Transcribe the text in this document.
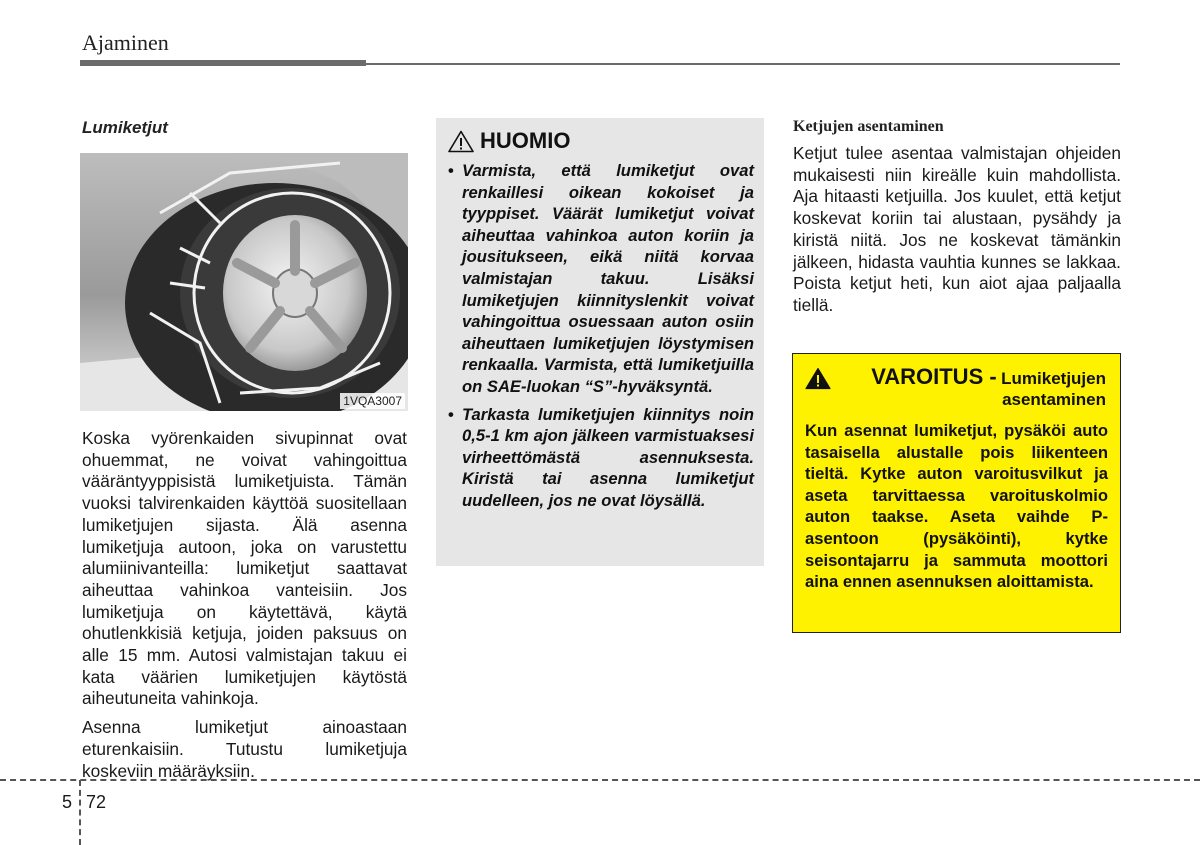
Ajaminen
Lumiketjut
1VQA3007

Koska vyörenkaiden sivupinnat ovat ohuemmat, ne voivat vahingoittua vääräntyyppisistä lumiketjuista. Tämän vuoksi talvirenkaiden käyttöä suositellaan lumiketjujen sijasta. Älä asenna lumiketjuja autoon, joka on varustettu alumiinivanteilla: lumiketjut saattavat aiheuttaa vahinkoa vanteisiin. Jos lumiketjuja on käytettävä, käytä ohutlenkkisiä ketjuja, joiden paksuus on alle 15 mm. Autosi valmistajan takuu ei kata väärien lumiketjujen käytöstä aiheutuneita vahinkoja.

Asenna lumiketjut ainoastaan eturenkaisiin. Tutustu lumiketjuja koskeviin määräyksiin.

HUOMIO
• Varmista, että lumiketjut ovat renkaillesi oikean kokoiset ja tyyppiset. Väärät lumiketjut voivat aiheuttaa vahinkoa auton koriin ja jousitukseen, eikä niitä korvaa valmistajan takuu. Lisäksi lumiketjujen kiinnityslenkit voivat vahingoittua osuessaan auton osiin aiheuttaen lumiketjujen löystymisen renkaalla. Varmista, että lumiketjuilla on SAE-luokan “S”-hyväksyntä.
• Tarkasta lumiketjujen kiinnitys noin 0,5-1 km ajon jälkeen varmistuaksesi virheettömästä asennuksesta. Kiristä tai asenna lumiketjut uudelleen, jos ne ovat löysällä.
Ketjujen asentaminen

Ketjut tulee asentaa valmistajan ohjeiden mukaisesti niin kireälle kuin mahdollista. Aja hitaasti ketjuilla. Jos kuulet, että ketjut koskevat koriin tai alustaan, pysähdy ja kiristä niitä. Jos ne koskevat tämänkin jälkeen, hidasta vauhtia kunnes se lakkaa. Poista ketjut heti, kun aiot ajaa paljaalla tiellä.

VAROITUS - Lumiketjujen asentaminen

Kun asennat lumiketjut, pysäköi auto tasaisella alustalle pois liikenteen tieltä. Kytke auton varoitusvilkut ja aseta tarvittaessa varoituskolmio auton taakse. Aseta vaihde P-asentoon (pysäköinti), kytke seisontajarru ja sammuta moottori aina ennen asennuksen aloittamista.

5 72
